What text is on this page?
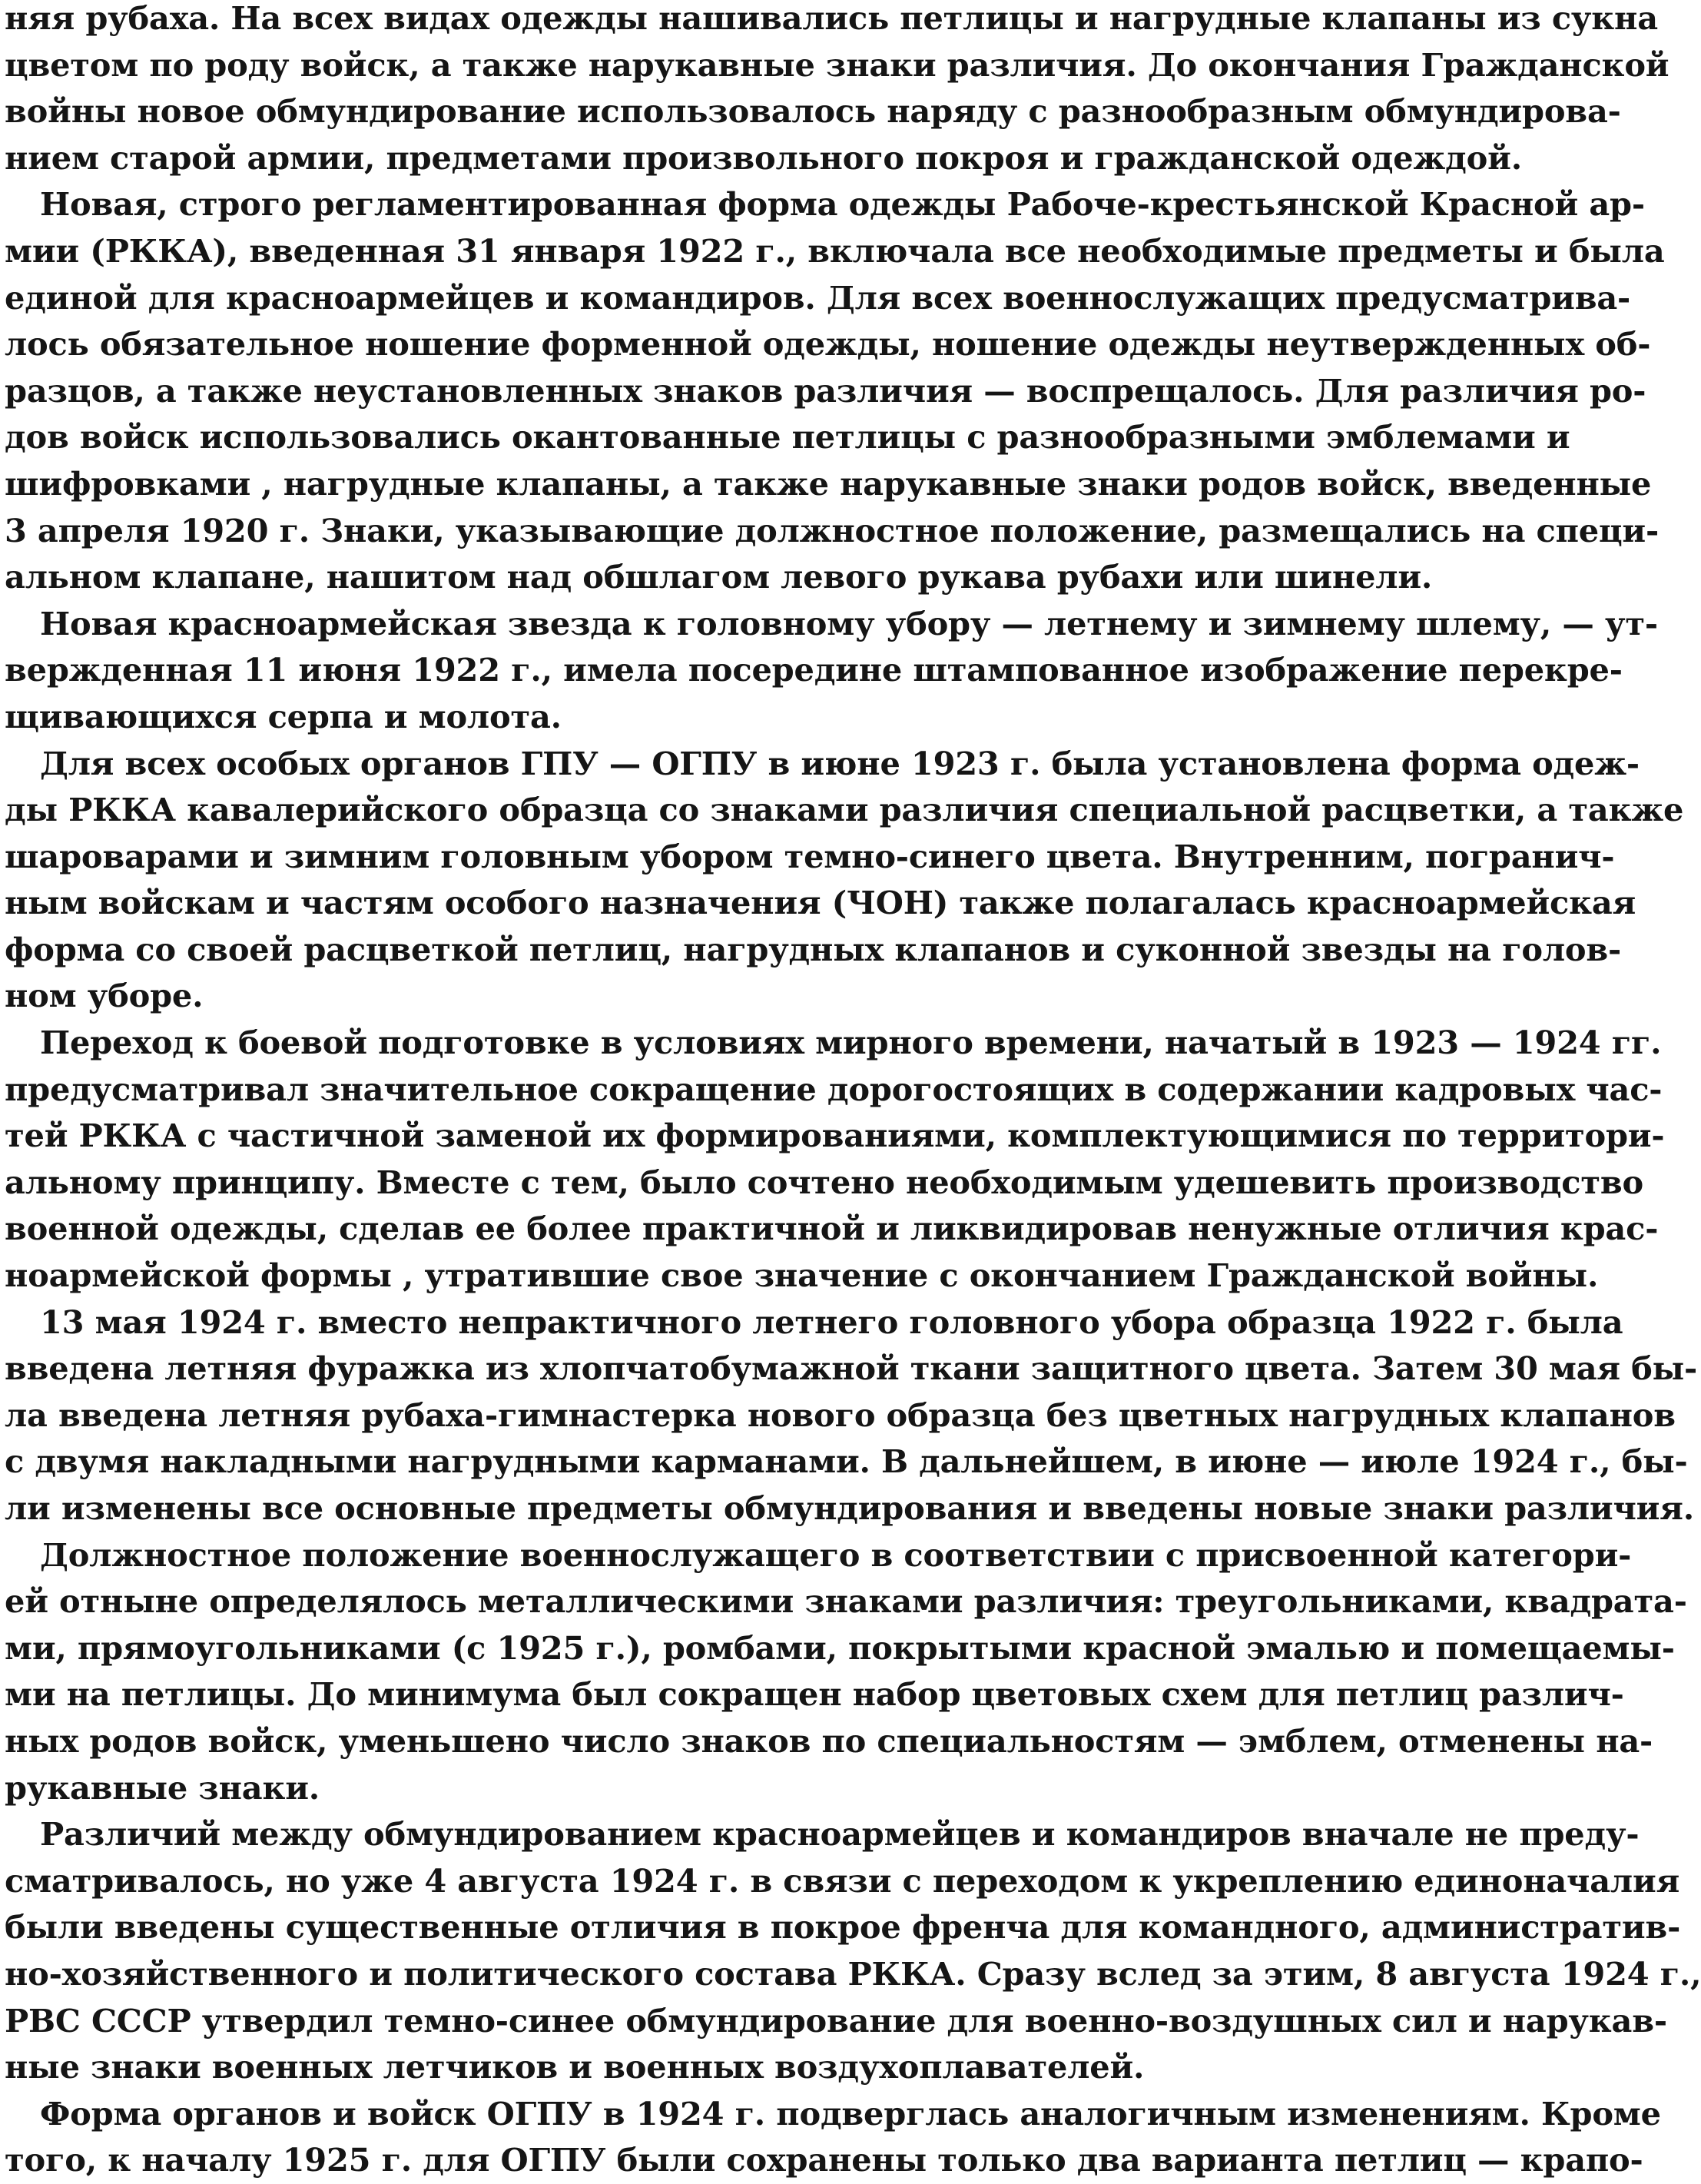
няя рубаха. На всех видах одежды нашивались петлицы и нагрудные клапаны из сукна
цветом по роду войск, а также нарукавные знаки различия. До окончания Гражданской
войны новое обмундирование использовалось наряду с разнообразным обмундирова-
нием старой армии, предметами произвольного покроя и гражданской одеждой.
Новая, строго регламентированная форма одежды Рабоче-крестьянской Красной ар-
мии (РККА), введенная 31 января 1922 г., включала все необходимые предметы и была
единой для красноармейцев и командиров. Для всех военнослужащих предусматрива-
лось обязательное ношение форменной одежды, ношение одежды неутвержденных об-
разцов, а также неустановленных знаков различия — воспрещалось. Для различия ро-
дов войск использовались окантованные петлицы с разнообразными эмблемами и
шифровками , нагрудные клапаны, а также нарукавные знаки родов войск, введенные
3 апреля 1920 г. Знаки, указывающие должностное положение, размещались на специ-
альном клапане, нашитом над обшлагом левого рукава рубахи или шинели.
Новая красноармейская звезда к головному убору — летнему и зимнему шлему, — ут-
вержденная 11 июня 1922 г., имела посередине штампованное изображение перекре-
щивающихся серпа и молота.
Для всех особых органов ГПУ — ОГПУ в июне 1923 г. была установлена форма одеж-
ды РККА кавалерийского образца со знаками различия специальной расцветки, а также
шароварами и зимним головным убором темно-синего цвета. Внутренним, погранич-
ным войскам и частям особого назначения (ЧОН) также полагалась красноармейская
форма со своей расцветкой петлиц, нагрудных клапанов и суконной звезды на голов-
ном уборе.
Переход к боевой подготовке в условиях мирного времени, начатый в 1923 — 1924 гг.
предусматривал значительное сокращение дорогостоящих в содержании кадровых час-
тей РККА с частичной заменой их формированиями, комплектующимися по территори-
альному принципу. Вместе с тем, было сочтено необходимым удешевить производство
военной одежды, сделав ее более практичной и ликвидировав ненужные отличия крас-
ноармейской формы , утратившие свое значение с окончанием Гражданской войны.
13 мая 1924 г. вместо непрактичного летнего головного убора образца 1922 г. была
введена летняя фуражка из хлопчатобумажной ткани защитного цвета. Затем 30 мая бы-
ла введена летняя рубаха-гимнастерка нового образца без цветных нагрудных клапанов
с двумя накладными нагрудными карманами. В дальнейшем, в июне — июле 1924 г., бы-
ли изменены все основные предметы обмундирования и введены новые знаки различия.
Должностное положение военнослужащего в соответствии с присвоенной категори-
ей отныне определялось металлическими знаками различия: треугольниками, квадрата-
ми, прямоугольниками (с 1925 г.), ромбами, покрытыми красной эмалью и помещаемы-
ми на петлицы. До минимума был сокращен набор цветовых схем для петлиц различ-
ных родов войск, уменьшено число знаков по специальностям — эмблем, отменены на-
рукавные знаки.
Различий между обмундированием красноармейцев и командиров вначале не преду-
сматривалось, но уже 4 августа 1924 г. в связи с переходом к укреплению единоначалия
были введены существенные отличия в покрое френча для командного, административ-
но-хозяйственного и политического состава РККА. Сразу вслед за этим, 8 августа 1924 г.,
РВС СССР утвердил темно-синее обмундирование для военно-воздушных сил и нарукав-
ные знаки военных летчиков и военных воздухоплавателей.
Форма органов и войск ОГПУ в 1924 г. подверглась аналогичным изменениям. Кроме
того, к началу 1925 г. для ОГПУ были сохранены только два варианта петлиц — крапо-
